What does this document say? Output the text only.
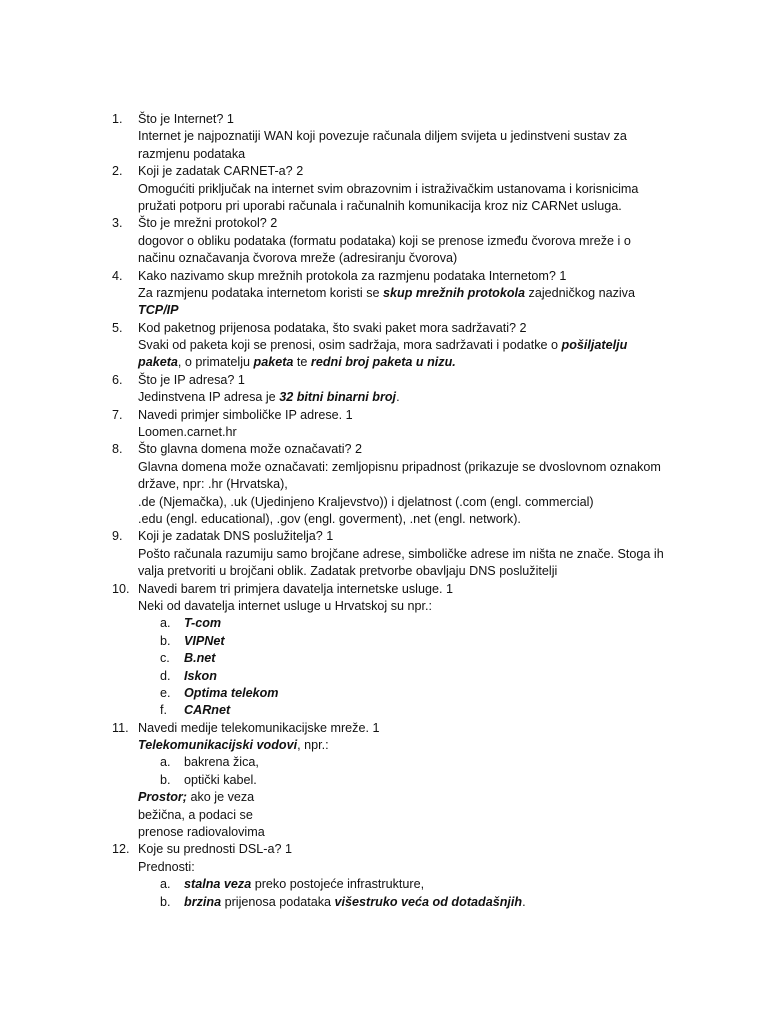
1. Što je Internet? 1
Internet je najpoznatiji WAN koji povezuje računala diljem svijeta u jedinstveni sustav za
razmjenu podataka
2. Koji je zadatak CARNET-a? 2
Omogućiti priključak na internet svim obrazovnim i istraživačkim ustanovama i korisnicima
pružati potporu pri uporabi računala i računalnih komunikacija kroz niz CARNet usluga.
3. Što je mrežni protokol? 2
dogovor o obliku podataka (formatu podataka) koji se prenose između čvorova mreže i o
načinu označavanja čvorova mreže (adresiranju čvorova)
4. Kako nazivamo skup mrežnih protokola za razmjenu podataka Internetom? 1
Za razmjenu podataka internetom koristi se skup mrežnih protokola zajedničkog naziva
TCP/IP
5. Kod paketnog prijenosa podataka, što svaki paket mora sadržavati? 2
Svaki od paketa koji se prenosi, osim sadržaja, mora sadržavati i podatke o pošiljatelju
paketa, o primatelju paketa te redni broj paketa u nizu.
6. Što je IP adresa? 1
Jedinstvena IP adresa je 32 bitni binarni broj.
7. Navedi primjer simboličke IP adrese. 1
Loomen.carnet.hr
8. Što glavna domena može označavati? 2
Glavna domena može označavati: zemljopisnu pripadnost (prikazuje se dvoslovnom oznakom
države, npr: .hr (Hrvatska),
.de (Njemačka), .uk (Ujedinjeno Kraljevstvo)) i djelatnost (.com (engl. commercial)
.edu (engl. educational), .gov (engl. goverment), .net (engl. network).
9. Koji je zadatak DNS poslužitelja? 1
Pošto računala razumiju samo brojčane adrese, simboličke adrese im ništa ne znače. Stoga ih
valja pretvoriti u brojčani oblik. Zadatak pretvorbe obavljaju DNS poslužitelji
10. Navedi barem tri primjera davatelja internetske usluge. 1
Neki od davatelja internet usluge u Hrvatskoj su npr.:
a. T-com
b. VIPNet
c. B.net
d. Iskon
e. Optima telekom
f. CARnet
11. Navedi medije telekomunikacijske mreže. 1
Telekomunikacijski vodovi, npr.:
a. bakrena žica,
b. optički kabel.
Prostor; ako je veza
bežična, a podaci se
prenose radiovalovima
12. Koje su prednosti DSL-a? 1
Prednosti:
a. stalna veza preko postojeće infrastrukture,
b. brzina prijenosa podataka višestruko veća od dotadašnjih.
